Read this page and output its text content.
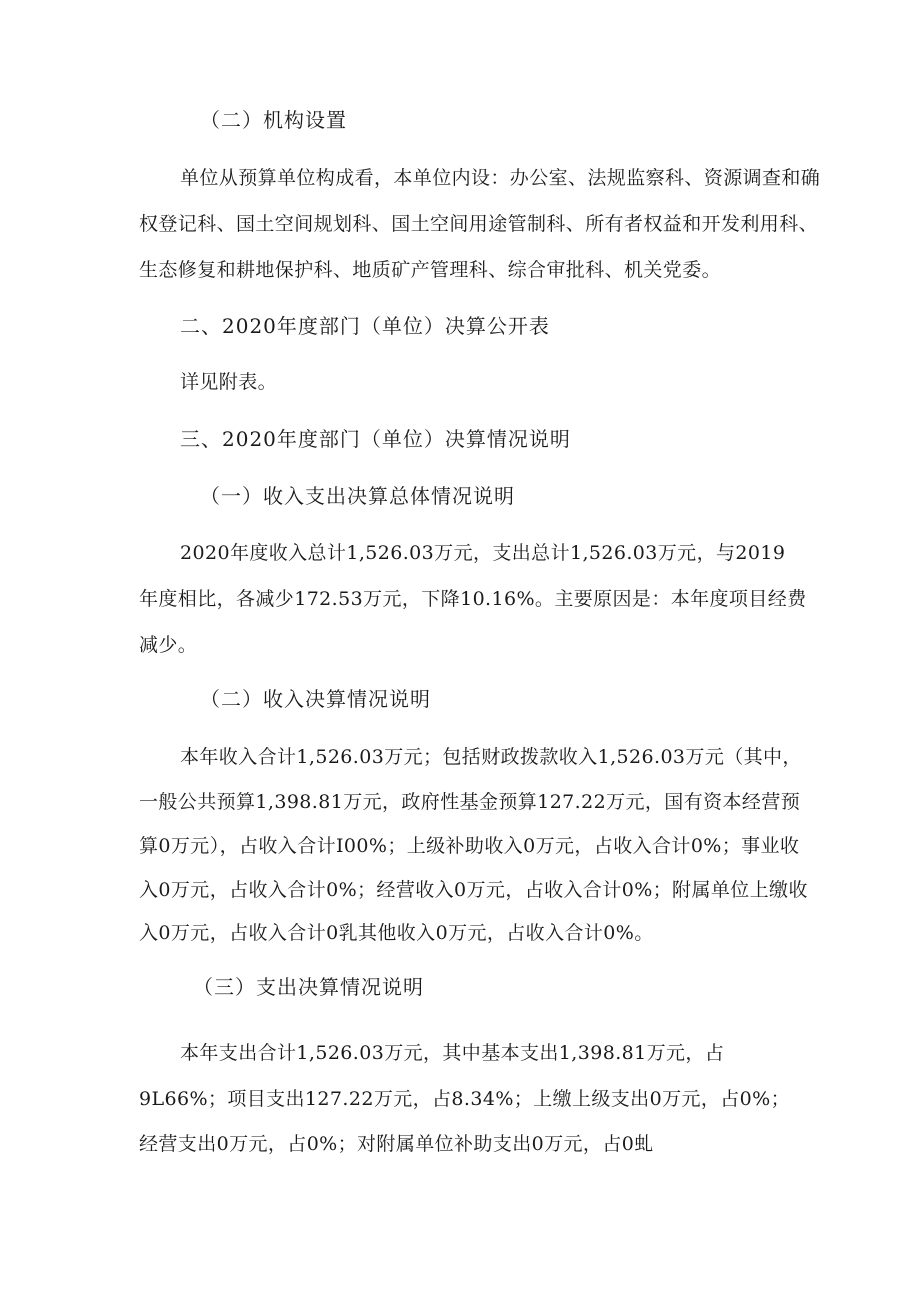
（二）机构设置
单位从预算单位构成看，本单位内设：办公室、法规监察科、资源调查和确
权登记科、国土空间规划科、国土空间用途管制科、所有者权益和开发利用科、
生态修复和耕地保护科、地质矿产管理科、综合审批科、机关党委。
二、2020年度部门（单位）决算公开表
详见附表。
三、2020年度部门（单位）决算情况说明
（一）收入支出决算总体情况说明
2020年度收入总计1,526.03万元，支出总计1,526.03万元，与2019
年度相比，各减少172.53万元，下降10.16%。主要原因是：本年度项目经费
减少。
（二）收入决算情况说明
本年收入合计1,526.03万元；包括财政拨款收入1,526.03万元（其中，
一般公共预算1,398.81万元，政府性基金预算127.22万元，国有资本经营预
算0万元），占收入合计I00%；上级补助收入0万元，占收入合计0%；事业收
入0万元，占收入合计0%；经营收入0万元，占收入合计0%；附属单位上缴收
入0万元，占收入合计0乳其他收入0万元，占收入合计0%。
（三）支出决算情况说明
本年支出合计1,526.03万元，其中基本支出1,398.81万元，占
9L66%；项目支出127.22万元，占8.34%；上缴上级支出0万元，占0%；
经营支出0万元，占0%；对附属单位补助支出0万元，占0虬
